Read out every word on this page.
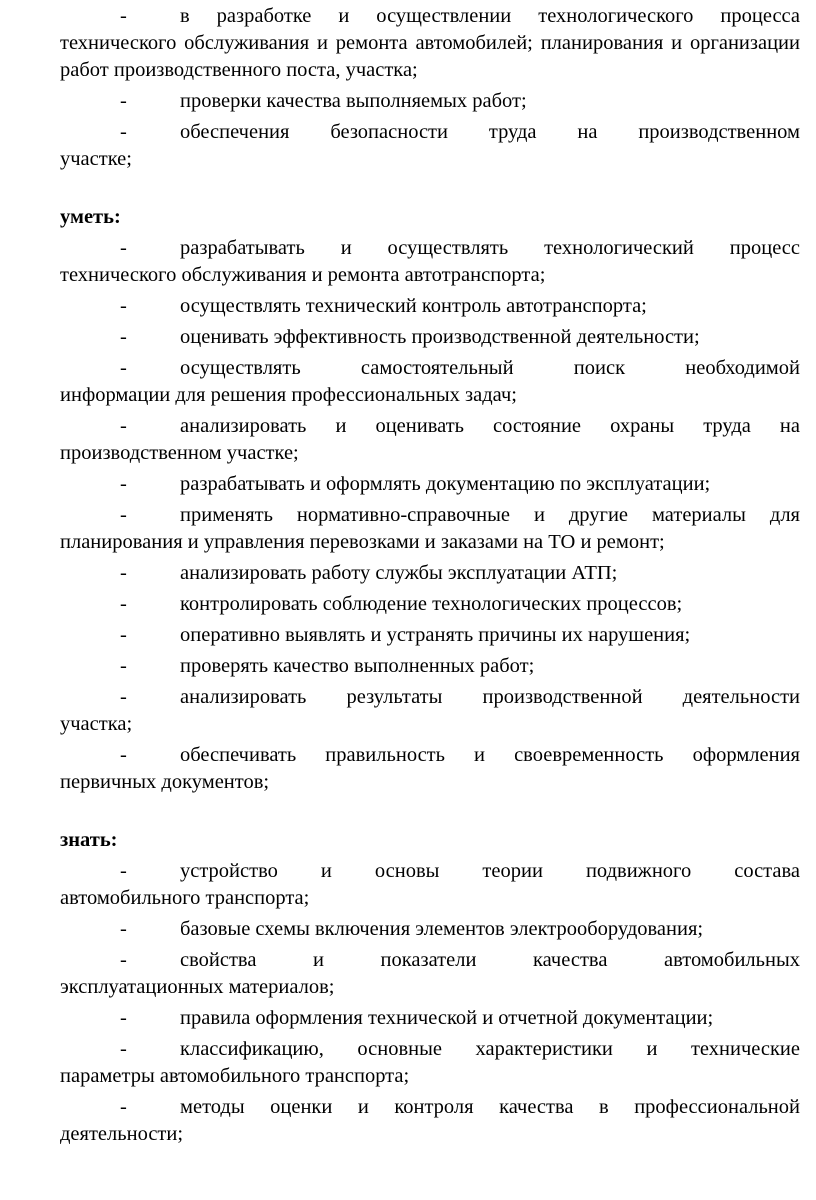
-	в разработке и осуществлении технологического процесса
технического обслуживания и ремонта автомобилей; планирования и организации работ производственного поста, участка;
-	проверки качества выполняемых работ;
-	обеспечения безопасности труда на производственном
участке;
уметь:
-	разрабатывать и осуществлять технологический процесс
технического обслуживания и ремонта автотранспорта;
-	осуществлять технический контроль автотранспорта;
-	оценивать эффективность производственной деятельности;
-	осуществлять самостоятельный поиск необходимой
информации для решения профессиональных задач;
-	анализировать и оценивать состояние охраны труда на
производственном участке;
-	разрабатывать и оформлять документацию по эксплуатации;
-	применять нормативно-справочные и другие материалы для
планирования и управления перевозками и заказами на ТО и ремонт;
-	анализировать работу службы эксплуатации АТП;
-	контролировать соблюдение технологических процессов;
-	оперативно выявлять и устранять причины их нарушения;
-	проверять качество выполненных работ;
-	анализировать результаты производственной деятельности
участка;
-	обеспечивать правильность и своевременность оформления
первичных документов;
знать:
-	устройство и основы теории подвижного состава
автомобильного транспорта;
-	базовые схемы включения элементов электрооборудования;
-	свойства и показатели качества автомобильных
эксплуатационных материалов;
-	правила оформления технической и отчетной документации;
-	классификацию, основные характеристики и технические
параметры автомобильного транспорта;
-	методы оценки и контроля качества в профессиональной
деятельности;
